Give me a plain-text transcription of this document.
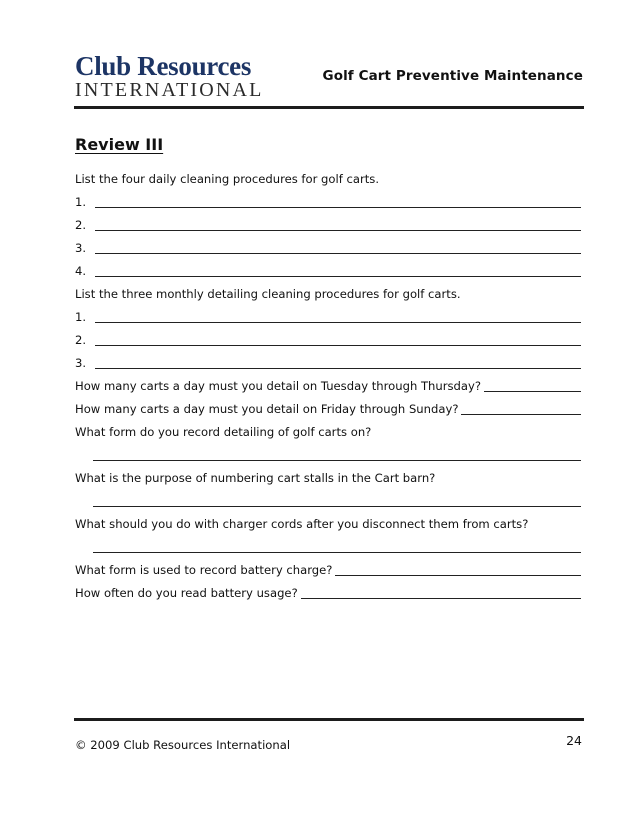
Club Resources
INTERNATIONAL
Golf Cart Preventive Maintenance
Review III
List the four daily cleaning procedures for golf carts.
1.
2.
3.
4.
List the three monthly detailing cleaning procedures for golf carts.
1.
2.
3.
How many carts a day must you detail on Tuesday through Thursday?
How many carts a day must you detail on Friday through Sunday?
What form do you record detailing of golf carts on?
What is the purpose of numbering cart stalls in the Cart barn?
What should you do with charger cords after you disconnect them from carts?
What form is used to record battery charge?
How often do you read battery usage?
© 2009 Club Resources International	24
